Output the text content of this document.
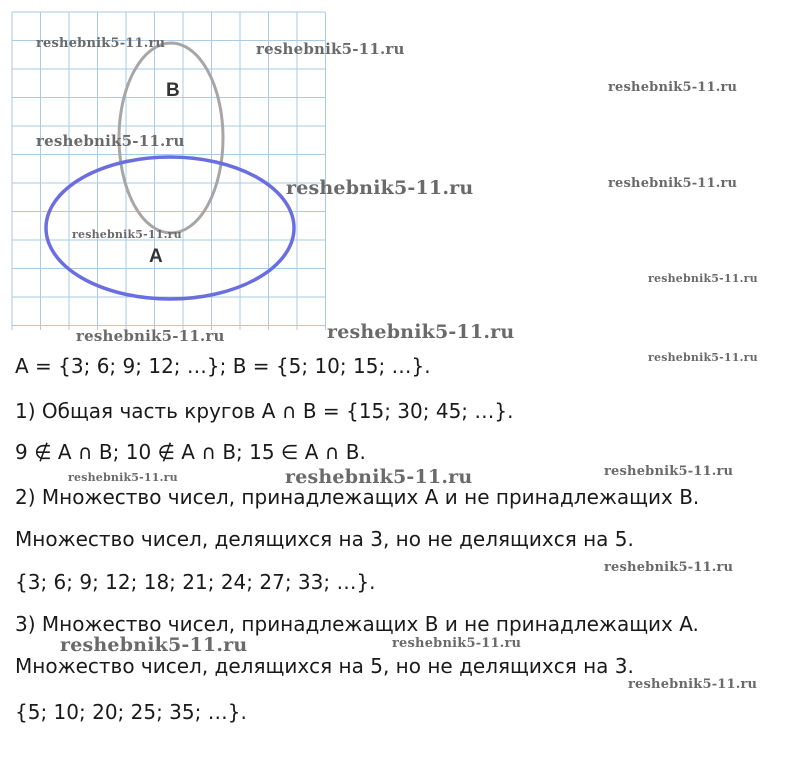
B
A
A = {3; 6; 9; 12; …}; B = {5; 10; 15; …}.
1) Общая часть кругов A ∩ B = {15; 30; 45; …}.
9 ∉ A ∩ B; 10 ∉ A ∩ B; 15 ∈ A ∩ B.
2) Множество чисел, принадлежащих A и не принадлежащих B.
Множество чисел, делящихся на 3, но не делящихся на 5.
{3; 6; 9; 12; 18; 21; 24; 27; 33; …}.
3) Множество чисел, принадлежащих B и не принадлежащих A.
Множество чисел, делящихся на 5, но не делящихся на 3.
{5; 10; 20; 25; 35; …}.
reshebnik5-11.ru	reshebnik5-11.ru
reshebnik5-11.ru
reshebnik5-11.ru
reshebnik5-11.ru	reshebnik5-11.ru
reshebnik5-11.ru
reshebnik5-11.ru
reshebnik5-11.ru	reshebnik5-11.ru
reshebnik5-11.ru
reshebnik5-11.ru	reshebnik5-11.ru	reshebnik5-11.ru
reshebnik5-11.ru
reshebnik5-11.ru	reshebnik5-11.ru
reshebnik5-11.ru
